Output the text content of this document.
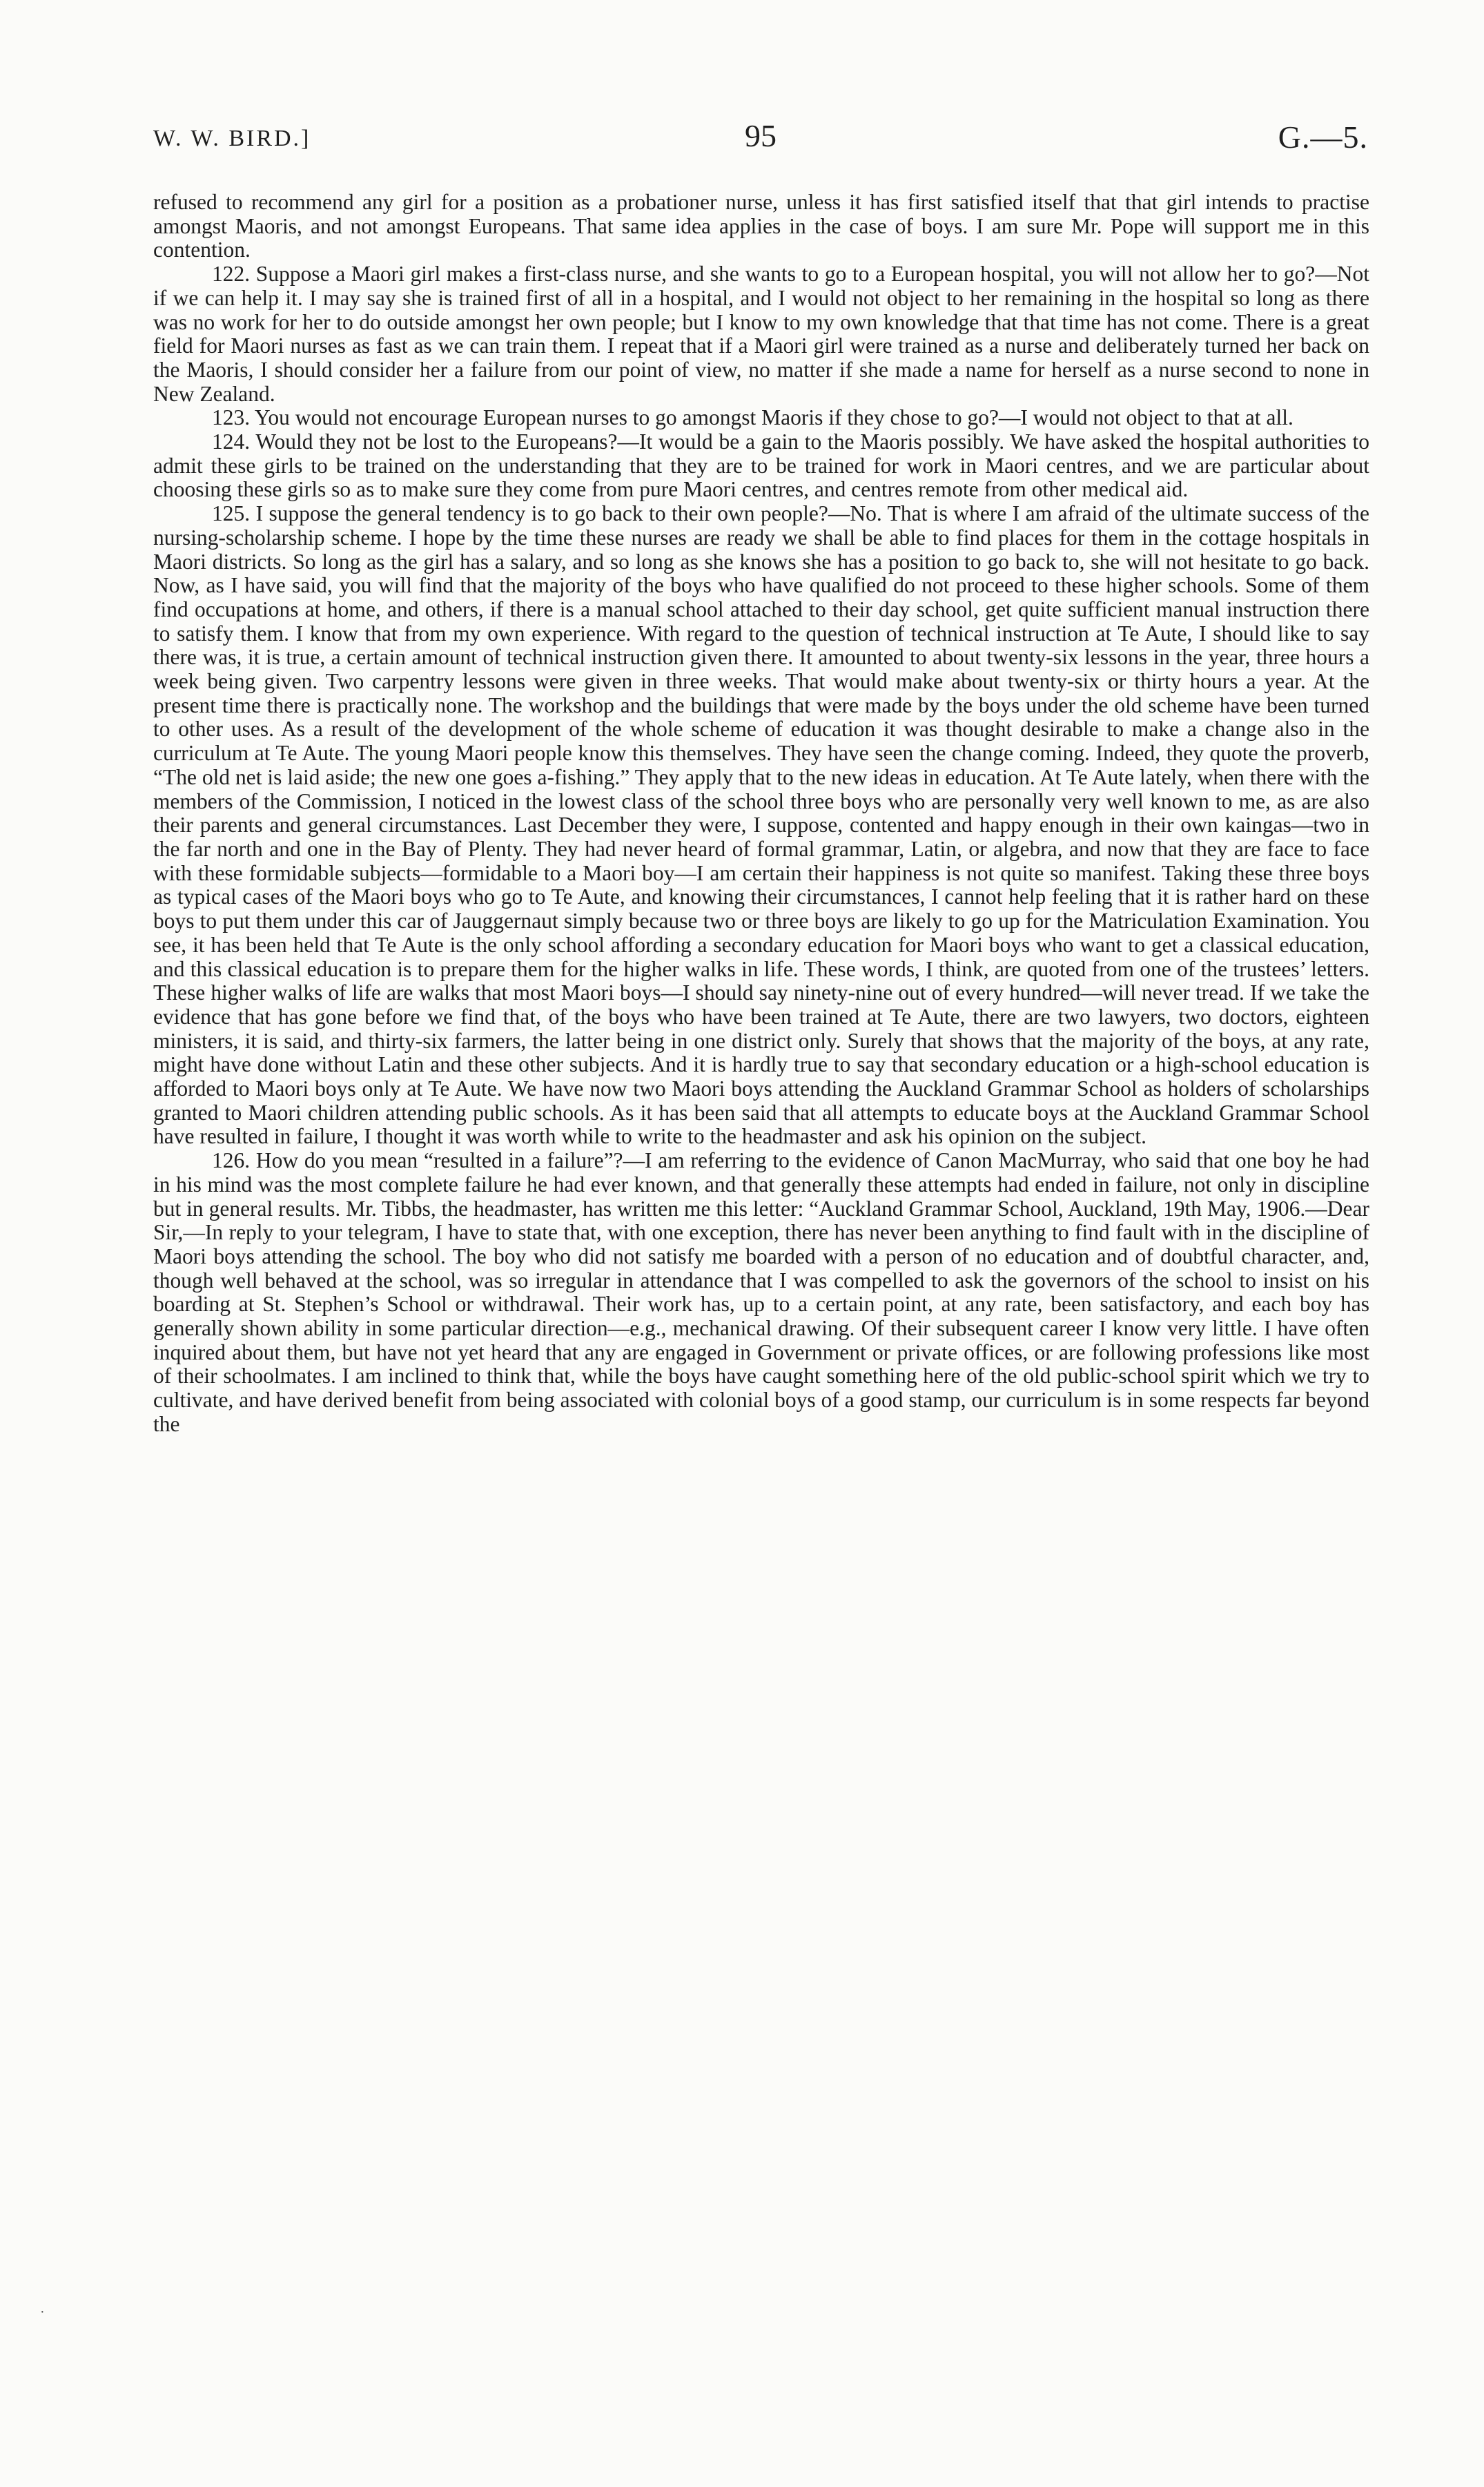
W. W. BIRD.]	95	G.—5.

refused to recommend any girl for a position as a probationer nurse, unless it has first satisfied itself that that girl intends to practise amongst Maoris, and not amongst Europeans. That same idea applies in the case of boys. I am sure Mr. Pope will support me in this contention.

122. Suppose a Maori girl makes a first-class nurse, and she wants to go to a European hospital, you will not allow her to go?—Not if we can help it. I may say she is trained first of all in a hospital, and I would not object to her remaining in the hospital so long as there was no work for her to do outside amongst her own people; but I know to my own knowledge that that time has not come. There is a great field for Maori nurses as fast as we can train them. I repeat that if a Maori girl were trained as a nurse and deliberately turned her back on the Maoris, I should consider her a failure from our point of view, no matter if she made a name for herself as a nurse second to none in New Zealand.

123. You would not encourage European nurses to go amongst Maoris if they chose to go?—I would not object to that at all.

124. Would they not be lost to the Europeans?—It would be a gain to the Maoris possibly. We have asked the hospital authorities to admit these girls to be trained on the understanding that they are to be trained for work in Maori centres, and we are particular about choosing these girls so as to make sure they come from pure Maori centres, and centres remote from other medical aid.

125. I suppose the general tendency is to go back to their own people?—No. That is where I am afraid of the ultimate success of the nursing-scholarship scheme. I hope by the time these nurses are ready we shall be able to find places for them in the cottage hospitals in Maori districts. So long as the girl has a salary, and so long as she knows she has a position to go back to, she will not hesitate to go back. Now, as I have said, you will find that the majority of the boys who have qualified do not proceed to these higher schools. Some of them find occupations at home, and others, if there is a manual school attached to their day school, get quite sufficient manual instruction there to satisfy them. I know that from my own experience. With regard to the question of technical instruction at Te Aute, I should like to say there was, it is true, a certain amount of technical instruction given there. It amounted to about twenty-six lessons in the year, three hours a week being given. Two carpentry lessons were given in three weeks. That would make about twenty-six or thirty hours a year. At the present time there is practically none. The workshop and the buildings that were made by the boys under the old scheme have been turned to other uses. As a result of the development of the whole scheme of education it was thought desirable to make a change also in the curriculum at Te Aute. The young Maori people know this themselves. They have seen the change coming. Indeed, they quote the proverb, “The old net is laid aside; the new one goes a-fishing.” They apply that to the new ideas in education. At Te Aute lately, when there with the members of the Commission, I noticed in the lowest class of the school three boys who are personally very well known to me, as are also their parents and general circumstances. Last December they were, I suppose, contented and happy enough in their own kaingas—two in the far north and one in the Bay of Plenty. They had never heard of formal grammar, Latin, or algebra, and now that they are face to face with these formidable subjects—formidable to a Maori boy—I am certain their happiness is not quite so manifest. Taking these three boys as typical cases of the Maori boys who go to Te Aute, and knowing their circumstances, I cannot help feeling that it is rather hard on these boys to put them under this car of Jauggernaut simply because two or three boys are likely to go up for the Matriculation Examination. You see, it has been held that Te Aute is the only school affording a secondary education for Maori boys who want to get a classical education, and this classical education is to prepare them for the higher walks in life. These words, I think, are quoted from one of the trustees’ letters. These higher walks of life are walks that most Maori boys—I should say ninety-nine out of every hundred—will never tread. If we take the evidence that has gone before we find that, of the boys who have been trained at Te Aute, there are two lawyers, two doctors, eighteen ministers, it is said, and thirty-six farmers, the latter being in one district only. Surely that shows that the majority of the boys, at any rate, might have done without Latin and these other subjects. And it is hardly true to say that secondary education or a high-school education is afforded to Maori boys only at Te Aute. We have now two Maori boys attending the Auckland Grammar School as holders of scholarships granted to Maori children attending public schools. As it has been said that all attempts to educate boys at the Auckland Grammar School have resulted in failure, I thought it was worth while to write to the headmaster and ask his opinion on the subject.

126. How do you mean “resulted in a failure”?—I am referring to the evidence of Canon MacMurray, who said that one boy he had in his mind was the most complete failure he had ever known, and that generally these attempts had ended in failure, not only in discipline but in general results. Mr. Tibbs, the headmaster, has written me this letter: “Auckland Grammar School, Auckland, 19th May, 1906.—Dear Sir,—In reply to your telegram, I have to state that, with one exception, there has never been anything to find fault with in the discipline of Maori boys attending the school. The boy who did not satisfy me boarded with a person of no education and of doubtful character, and, though well behaved at the school, was so irregular in attendance that I was compelled to ask the governors of the school to insist on his boarding at St. Stephen’s School or withdrawal. Their work has, up to a certain point, at any rate, been satisfactory, and each boy has generally shown ability in some particular direction—e.g., mechanical drawing. Of their subsequent career I know very little. I have often inquired about them, but have not yet heard that any are engaged in Government or private offices, or are following professions like most of their schoolmates. I am inclined to think that, while the boys have caught something here of the old public-school spirit which we try to cultivate, and have derived benefit from being associated with colonial boys of a good stamp, our curriculum is in some respects far beyond the

·
